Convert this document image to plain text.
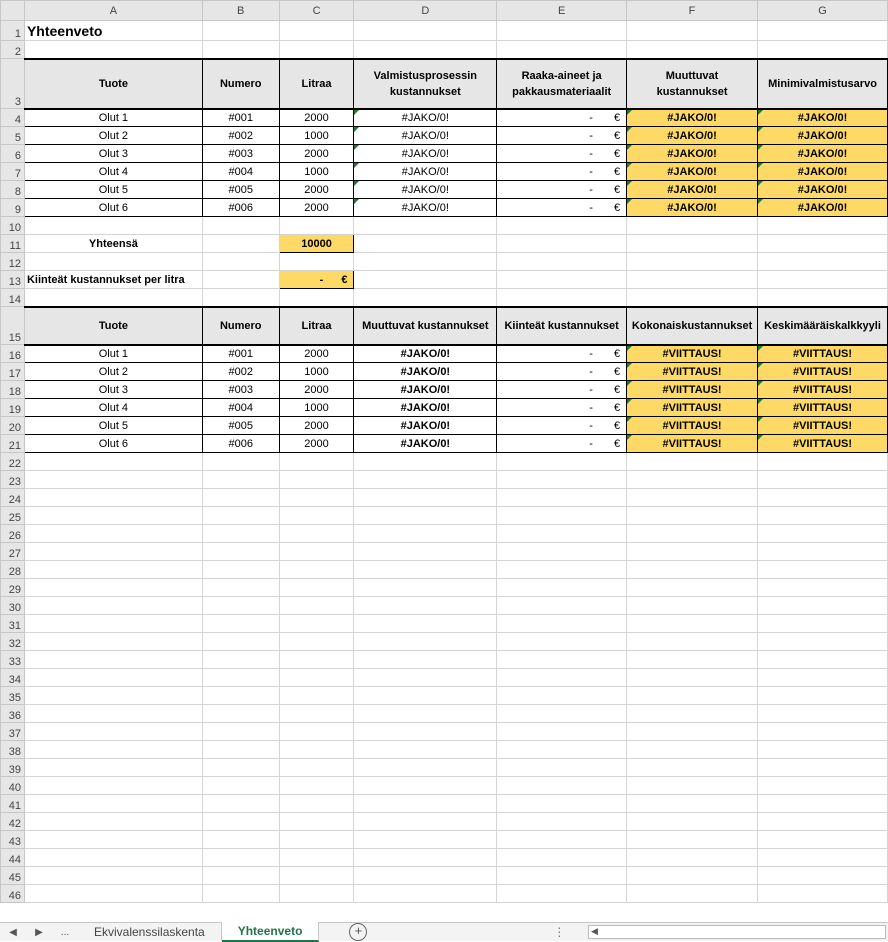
	A	B	C	D	E	F	G
1	Yhteenveto						
2							
3	Tuote	Numero	Litraa	Valmistusprosessin kustannukset	Raaka-aineet ja pakkausmateriaalit	Muuttuvat kustannukset	Minimivalmistusarvo
4	Olut 1	#001	2000	#JAKO/0!	- €	#JAKO/0!	#JAKO/0!
5	Olut 2	#002	1000	#JAKO/0!	- €	#JAKO/0!	#JAKO/0!
6	Olut 3	#003	2000	#JAKO/0!	- €	#JAKO/0!	#JAKO/0!
7	Olut 4	#004	1000	#JAKO/0!	- €	#JAKO/0!	#JAKO/0!
8	Olut 5	#005	2000	#JAKO/0!	- €	#JAKO/0!	#JAKO/0!
9	Olut 6	#006	2000	#JAKO/0!	- €	#JAKO/0!	#JAKO/0!
10							
11	Yhteensä		10000				
12							
13	Kiinteät kustannukset per litra		- €				

14							
15	Tuote	Numero	Litraa	Muuttuvat kustannukset	Kiinteät kustannukset	Kokonaiskustannukset	Keskimääräiskalkkyyli
16	Olut 1	#001	2000	#JAKO/0!	- €	#VIITTAUS!	#VIITTAUS!
17	Olut 2	#002	1000	#JAKO/0!	- €	#VIITTAUS!	#VIITTAUS!
18	Olut 3	#003	2000	#JAKO/0!	- €	#VIITTAUS!	#VIITTAUS!
19	Olut 4	#004	1000	#JAKO/0!	- €	#VIITTAUS!	#VIITTAUS!
20	Olut 5	#005	2000	#JAKO/0!	- €	#VIITTAUS!	#VIITTAUS!
21	Olut 6	#006	2000	#JAKO/0!	- €	#VIITTAUS!	#VIITTAUS!
22							
23							
24							
25							
26							
27							
28							
29							
30							
31							
32							
33							
34							
35							
36							
37							
38							
39							
40							
41							
42							
43							
44							
45							
46							
◀	▶	...	Ekvivalenssilaskenta	Yhteenveto	+	⋮	◀
